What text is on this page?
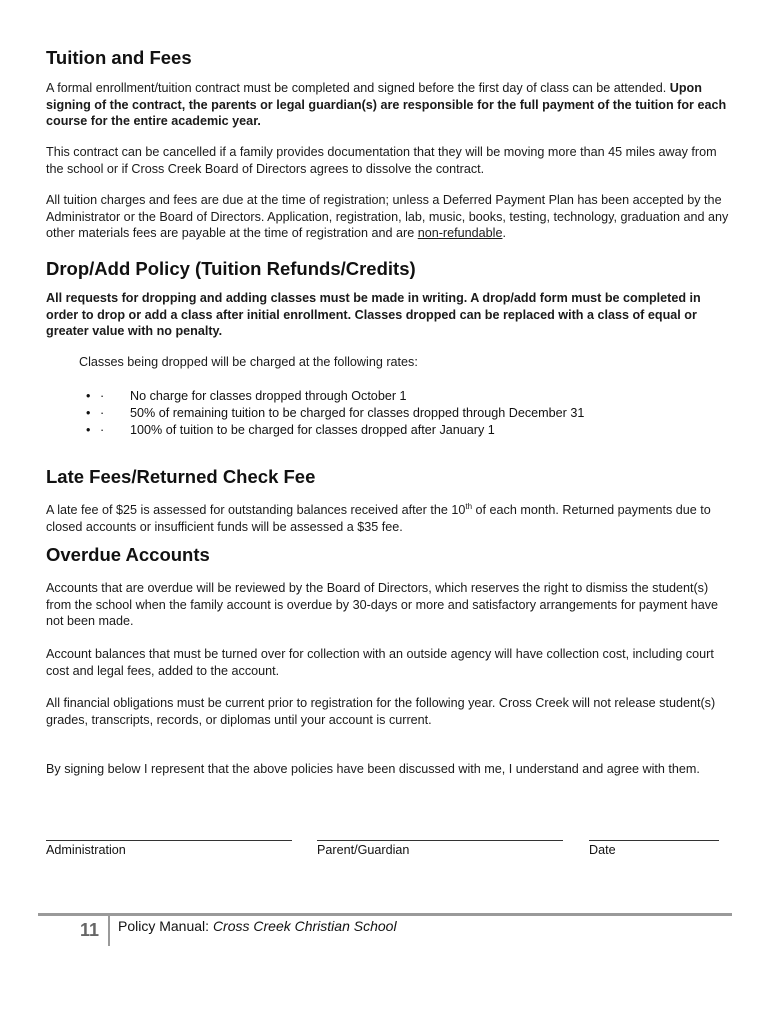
Tuition and Fees

A formal enrollment/tuition contract must be completed and signed before the first day of class can be attended. Upon signing of the contract, the parents or legal guardian(s) are responsible for the full payment of the tuition for each course for the entire academic year.

This contract can be cancelled if a family provides documentation that they will be moving more than 45 miles away from the school or if Cross Creek Board of Directors agrees to dissolve the contract.

All tuition charges and fees are due at the time of registration; unless a Deferred Payment Plan has been accepted by the Administrator or the Board of Directors. Application, registration, lab, music, books, testing, technology, graduation and any other materials fees are payable at the time of registration and are non-refundable.

Drop/Add Policy (Tuition Refunds/Credits)

All requests for dropping and adding classes must be made in writing. A drop/add form must be completed in order to drop or add a class after initial enrollment. Classes dropped can be replaced with a class of equal or greater value with no penalty.

Classes being dropped will be charged at the following rates:

• · No charge for classes dropped through October 1
• · 50% of remaining tuition to be charged for classes dropped through December 31
• · 100% of tuition to be charged for classes dropped after January 1
Late Fees/Returned Check Fee

A late fee of $25 is assessed for outstanding balances received after the 10th of each month. Returned payments due to closed accounts or insufficient funds will be assessed a $35 fee.

Overdue Accounts

Accounts that are overdue will be reviewed by the Board of Directors, which reserves the right to dismiss the student(s) from the school when the family account is overdue by 30-days or more and satisfactory arrangements for payment have not been made.

Account balances that must be turned over for collection with an outside agency will have collection cost, including court cost and legal fees, added to the account.

All financial obligations must be current prior to registration for the following year. Cross Creek will not release student(s) grades, transcripts, records, or diplomas until your account is current.

By signing below I represent that the above policies have been discussed with me, I understand and agree with them.

Administration	Parent/Guardian	Date
11 Policy Manual: Cross Creek Christian School
